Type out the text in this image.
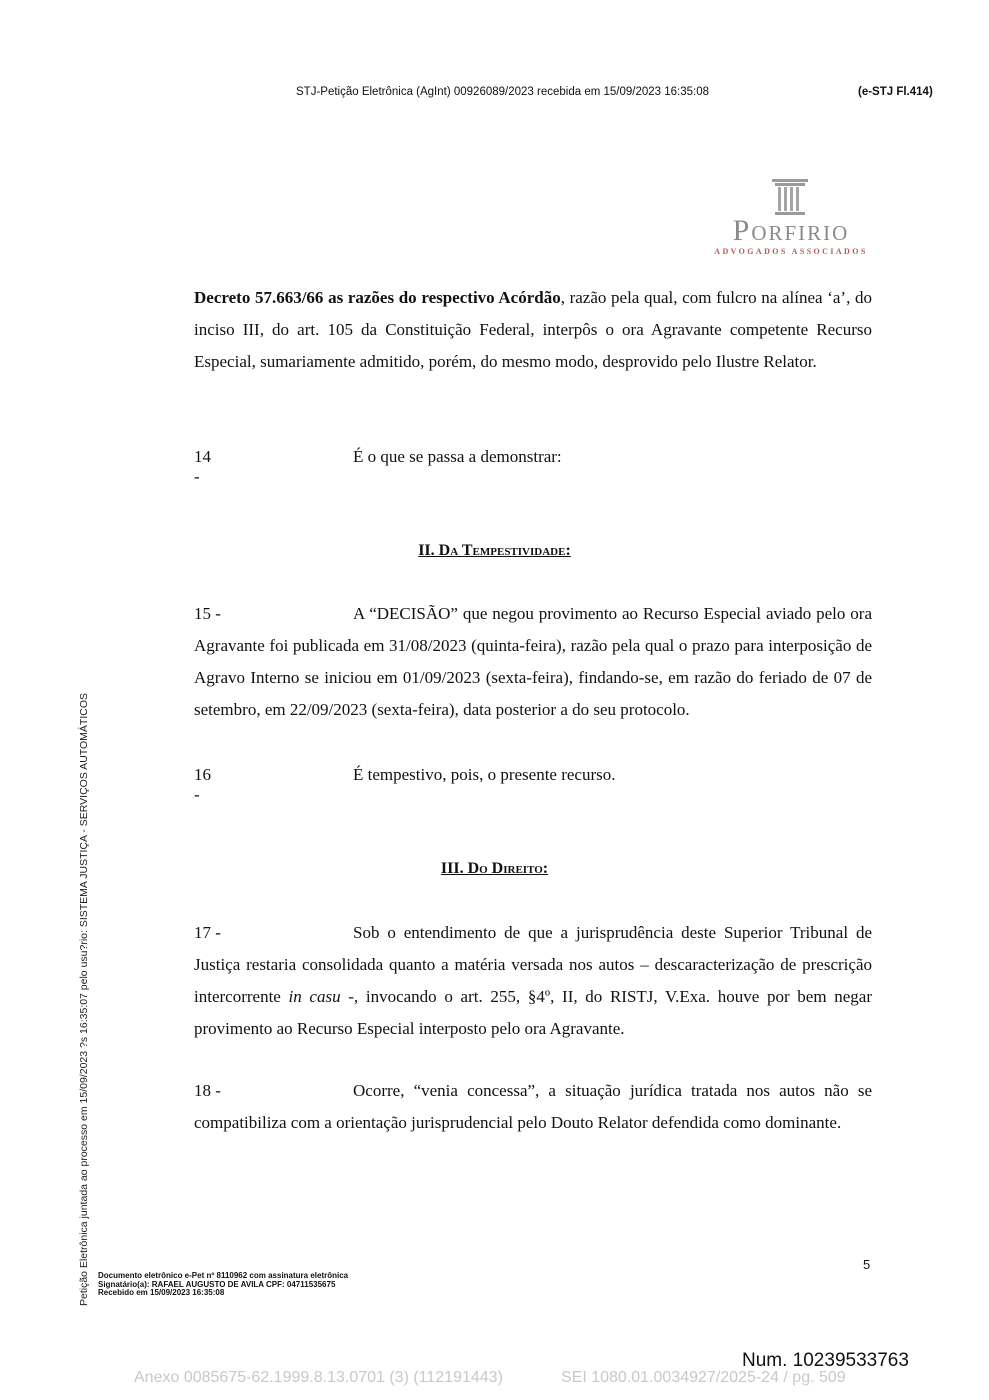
STJ-Petição Eletrônica (AgInt) 00926089/2023 recebida em 15/09/2023 16:35:08	(e-STJ Fl.414)
Porfirio
ADVOGADOS ASSOCIADOS

Decreto 57.663/66 as razões do respectivo Acórdão, razão pela qual, com fulcro na alínea ‘a’, do inciso III, do art. 105 da Constituição Federal, interpôs o ora Agravante competente Recurso Especial, sumariamente admitido, porém, do mesmo modo, desprovido pelo Ilustre Relator.

14 -
É o que se passa a demonstrar:
II. Da Tempestividade:
15 -	A “DECISÃO” que negou provimento ao Recurso Especial aviado pelo ora Agravante foi publicada em 31/08/2023 (quinta-feira), razão pela qual o prazo para interposição de Agravo Interno se iniciou em 01/09/2023 (sexta-feira), findando-se, em razão do feriado de 07 de setembro, em 22/09/2023 (sexta-feira), data posterior a do seu protocolo.

16 -
É tempestivo, pois, o presente recurso.
III. Do Direito:
17 -	Sob o entendimento de que a jurisprudência deste Superior Tribunal de Justiça restaria consolidada quanto a matéria versada nos autos – descaracterização de prescrição intercorrente in casu -, invocando o art. 255, §4º, II, do RISTJ, V.Exa. houve por bem negar provimento ao Recurso Especial interposto pelo ora Agravante.

18 -	Ocorre, “venia concessa”, a situação jurídica tratada nos autos não se compatibiliza com a orientação jurisprudencial pelo Douto Relator defendida como dominante.

Petição Eletrônica juntada ao processo em 15/09/2023 ?s 16:35:07 pelo usu?rio: SISTEMA JUSTIÇA - SERVIÇOS AUTOMÁTICOS	5
Documento eletrônico e-Pet nº 8110962 com assinatura eletrônica
Signatário(a): RAFAEL AUGUSTO DE AVILA CPF: 04711535675
Recebido em 15/09/2023 16:35:08
Num. 10239533763
Anexo 0085675-62.1999.8.13.0701 (3) (112191443)	SEI 1080.01.0034927/2025-24 / pg. 509
